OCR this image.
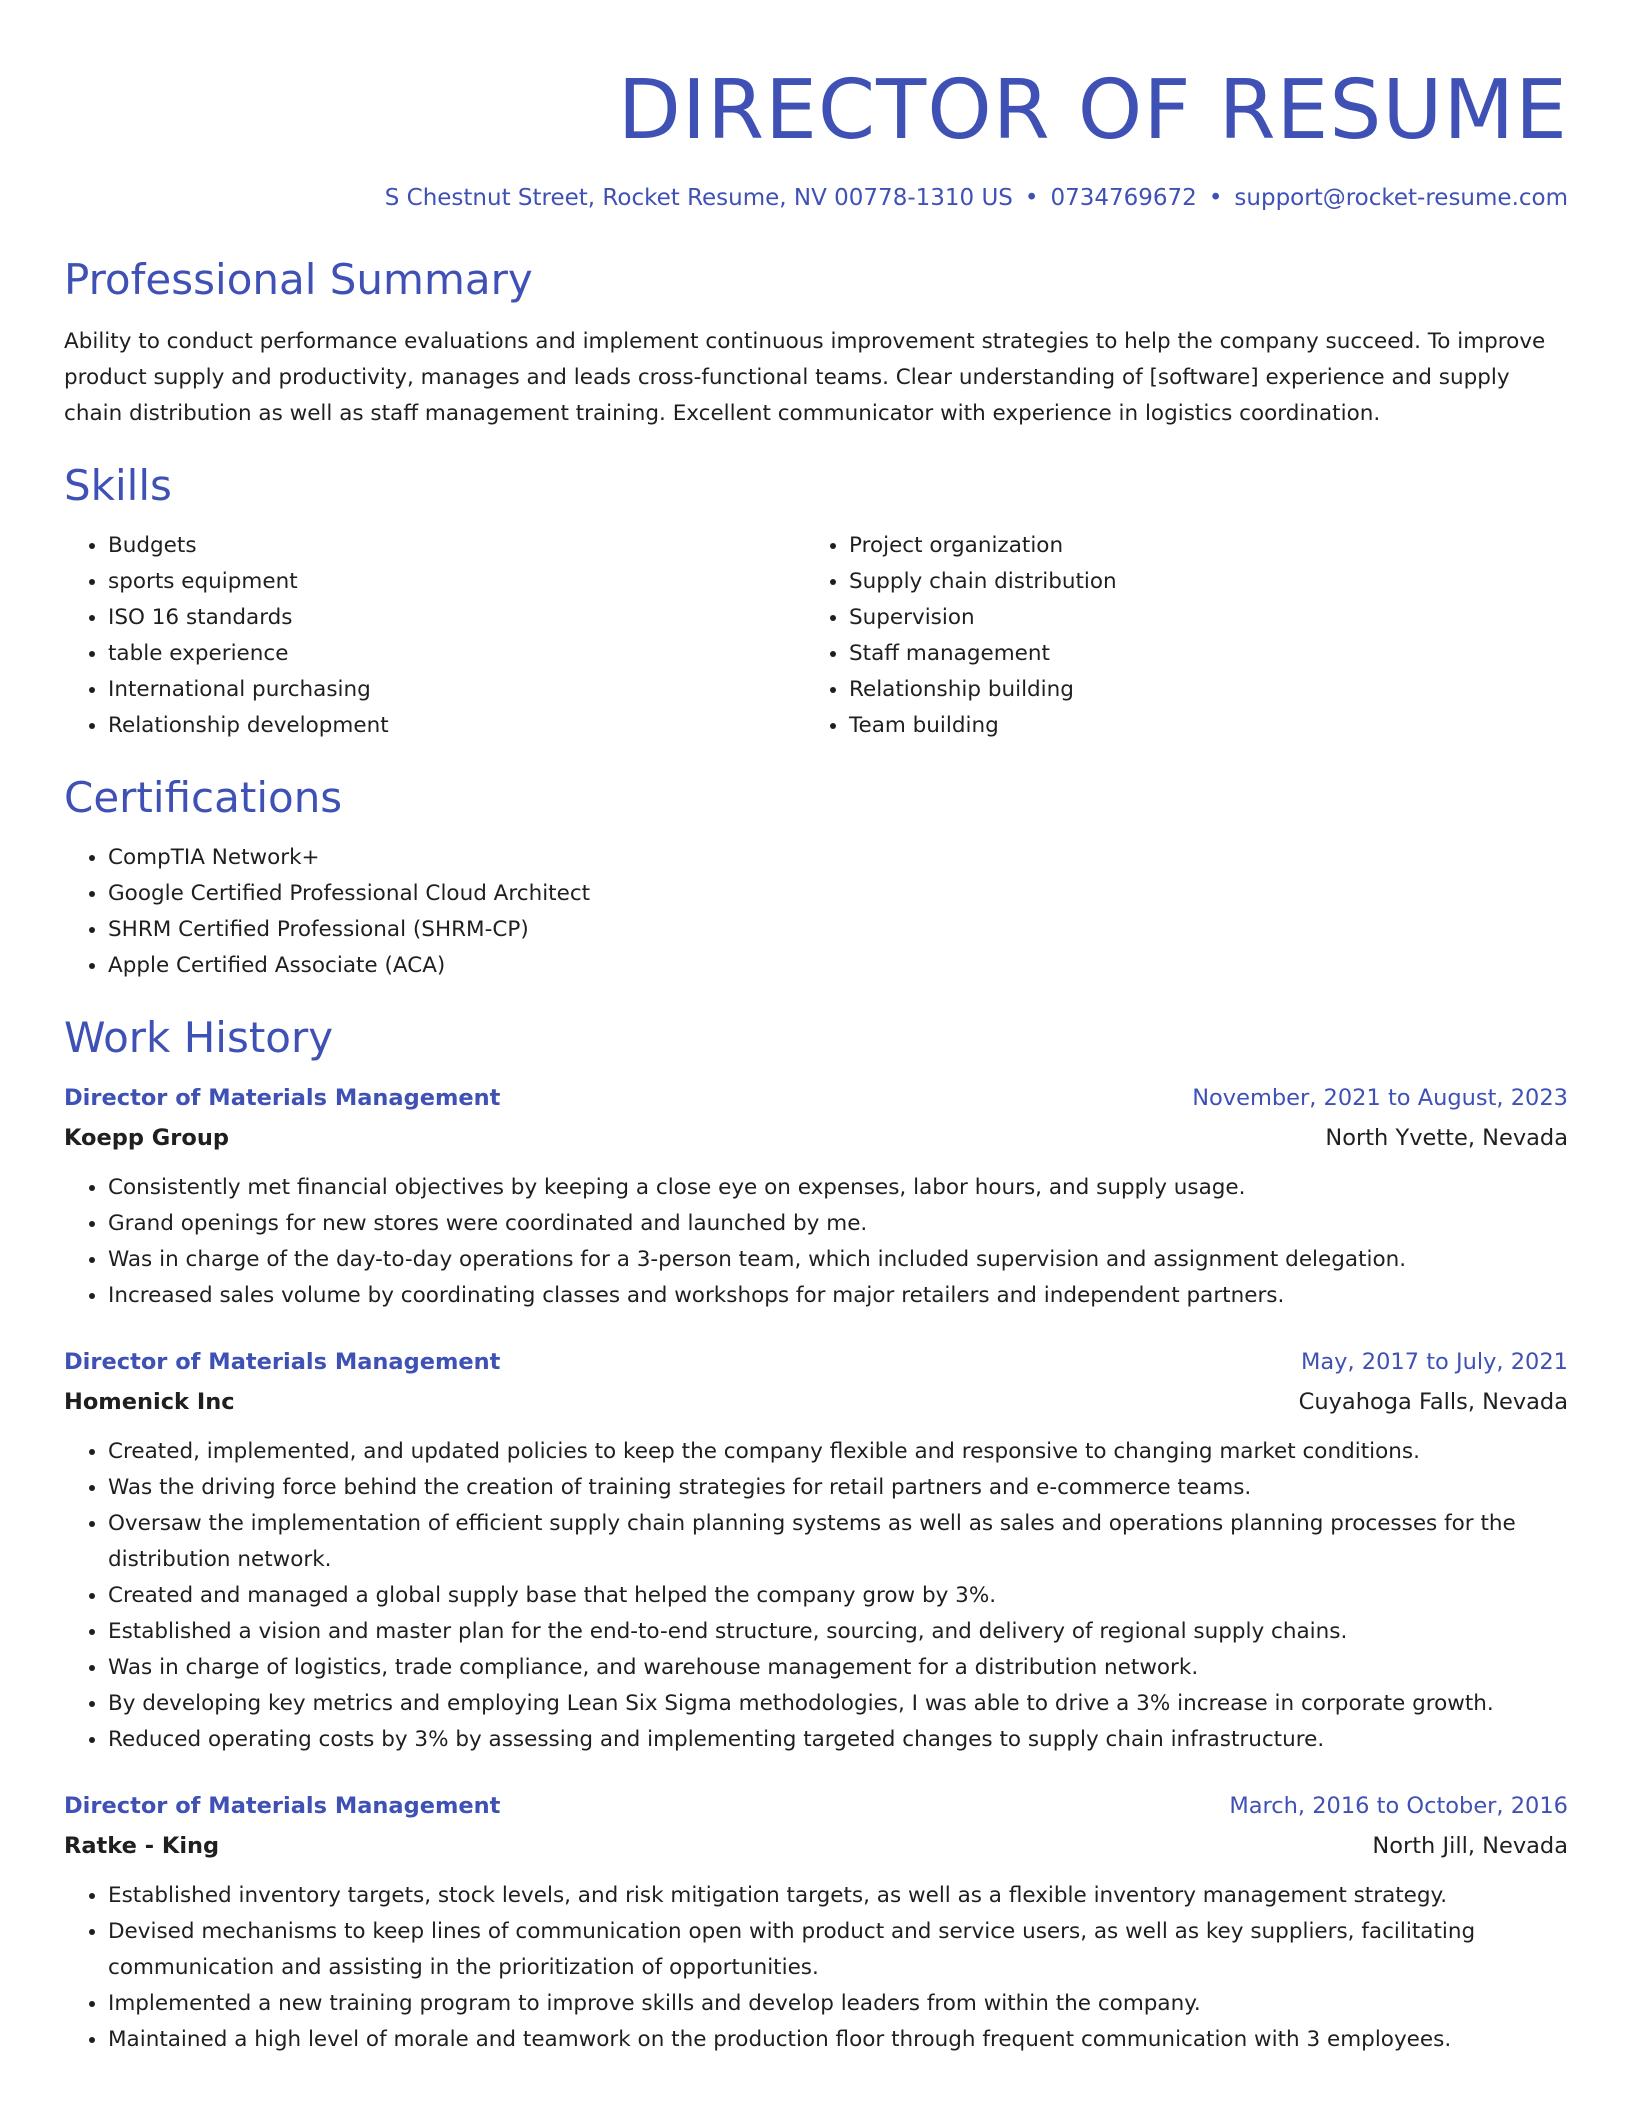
DIRECTOR OF RESUME
S Chestnut Street, Rocket Resume, NV 00778-1310 US • 0734769672 • support@rocket-resume.com
Professional Summary

Ability to conduct performance evaluations and implement continuous improvement strategies to help the company succeed. To improve product supply and productivity, manages and leads cross-functional teams. Clear understanding of [software] experience and supply chain distribution as well as staff management training. Excellent communicator with experience in logistics coordination.

Skills
• Budgets
• sports equipment
• ISO 16 standards
• table experience
• International purchasing
• Relationship development
• Project organization
• Supply chain distribution
• Supervision
• Staff management
• Relationship building
• Team building
Certifications
• CompTIA Network+
• Google Certified Professional Cloud Architect
• SHRM Certified Professional (SHRM-CP)
• Apple Certified Associate (ACA)
Work History
Director of Materials Management	November, 2021 to August, 2023
Koepp Group	North Yvette, Nevada
• Consistently met financial objectives by keeping a close eye on expenses, labor hours, and supply usage.
• Grand openings for new stores were coordinated and launched by me.
• Was in charge of the day-to-day operations for a 3-person team, which included supervision and assignment delegation.
• Increased sales volume by coordinating classes and workshops for major retailers and independent partners.
Director of Materials Management	May, 2017 to July, 2021
Homenick Inc	Cuyahoga Falls, Nevada
• Created, implemented, and updated policies to keep the company flexible and responsive to changing market conditions.
• Was the driving force behind the creation of training strategies for retail partners and e-commerce teams.
• Oversaw the implementation of efficient supply chain planning systems as well as sales and operations planning processes for the distribution network.
• Created and managed a global supply base that helped the company grow by 3%.
• Established a vision and master plan for the end-to-end structure, sourcing, and delivery of regional supply chains.
• Was in charge of logistics, trade compliance, and warehouse management for a distribution network.
• By developing key metrics and employing Lean Six Sigma methodologies, I was able to drive a 3% increase in corporate growth.
• Reduced operating costs by 3% by assessing and implementing targeted changes to supply chain infrastructure.
Director of Materials Management	March, 2016 to October, 2016
Ratke - King	North Jill, Nevada
• Established inventory targets, stock levels, and risk mitigation targets, as well as a flexible inventory management strategy.
• Devised mechanisms to keep lines of communication open with product and service users, as well as key suppliers, facilitating communication and assisting in the prioritization of opportunities.
• Implemented a new training program to improve skills and develop leaders from within the company.
• Maintained a high level of morale and teamwork on the production floor through frequent communication with 3 employees.
